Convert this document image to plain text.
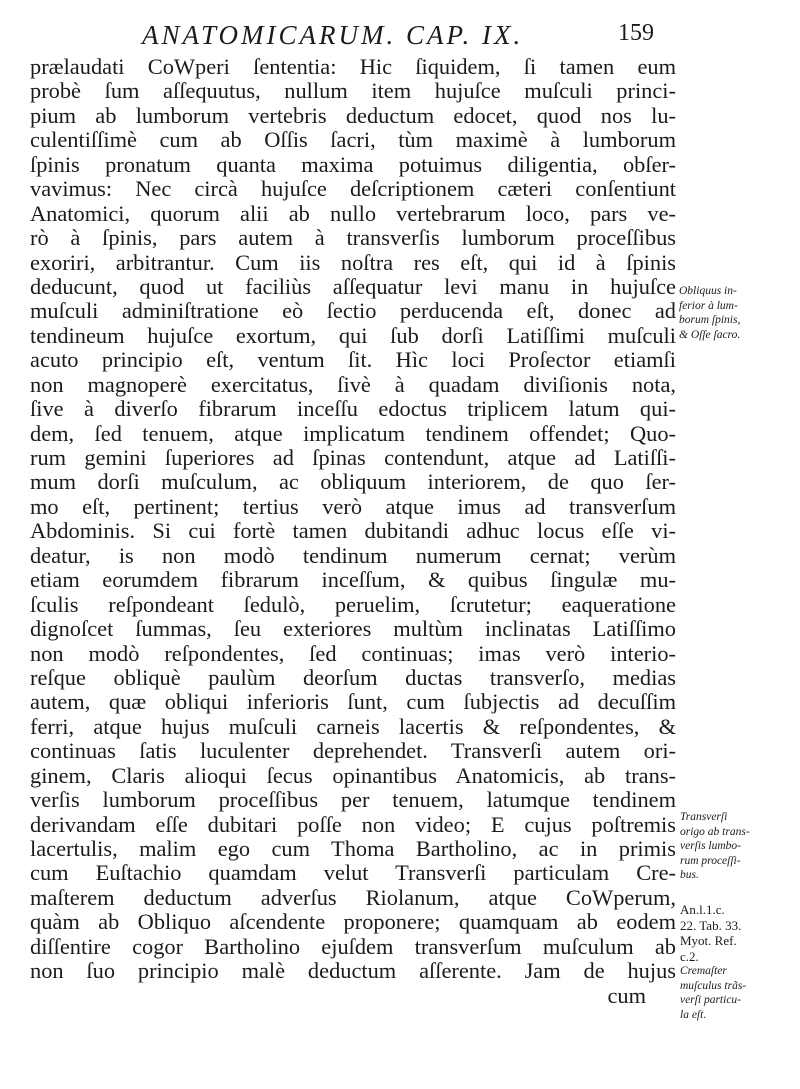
ANATOMICARUM. CAP. IX.	159
prælaudati CoWperi ſententia: Hic ſiquidem, ſi tamen eum
probè ſum aſſequutus, nullum item hujuſce muſculi princi-
pium ab lumborum vertebris deductum edocet, quod nos lu-
culentiſſimè cum ab Oſſis ſacri, tùm maximè à lumborum
ſpinis pronatum quanta maxima potuimus diligentia, obſer-
vavimus: Nec circà hujuſce deſcriptionem cæteri conſentiunt
Anatomici, quorum alii ab nullo vertebrarum loco, pars ve-
rò à ſpinis, pars autem à transverſis lumborum proceſſibus
exoriri, arbitrantur. Cum iis noſtra res eſt, qui id à ſpinis
deducunt, quod ut faciliùs aſſequatur levi manu in hujuſce
muſculi adminiſtratione eò ſectio perducenda eſt, donec ad
tendineum hujuſce exortum, qui ſub dorſi Latiſſimi muſculi
acuto principio eſt, ventum ſit. Hìc loci Proſector etiamſi
non magnoperè exercitatus, ſivè à quadam diviſionis nota,
ſive à diverſo fibrarum inceſſu edoctus triplicem latum qui-
dem, ſed tenuem, atque implicatum tendinem offendet; Quo-
rum gemini ſuperiores ad ſpinas contendunt, atque ad Latiſſi-
mum dorſi muſculum, ac obliquum interiorem, de quo ſer-
mo eſt, pertinent; tertius verò atque imus ad transverſum
Abdominis. Si cui fortè tamen dubitandi adhuc locus eſſe vi-
deatur, is non modò tendinum numerum cernat; verùm
etiam eorumdem fibrarum inceſſum, & quibus ſingulæ mu-
ſculis reſpondeant ſedulò, peruelim, ſcrutetur; eaqueratione
dignoſcet ſummas, ſeu exteriores multùm inclinatas Latiſſimo
non modò reſpondentes, ſed continuas; imas verò interio-
reſque obliquè paulùm deorſum ductas transverſo, medias
autem, quæ obliqui inferioris ſunt, cum ſubjectis ad decuſſim
ferri, atque hujus muſculi carneis lacertis & reſpondentes, &
continuas ſatis luculenter deprehendet. Transverſi autem ori-
ginem, Claris alioqui ſecus opinantibus Anatomicis, ab trans-
verſis lumborum proceſſibus per tenuem, latumque tendinem
derivandam eſſe dubitari poſſe non video; E cujus poſtremis
lacertulis, malim ego cum Thoma Bartholino, ac in primis
cum Euſtachio quamdam velut Transverſi particulam Cre-
maſterem deductum adverſus Riolanum, atque CoWperum,
quàm ab Obliquo aſcendente proponere; quamquam ab eodem
diſſentire cogor Bartholino ejuſdem transverſum muſculum ab
non ſuo principio malè deductum aſſerente. Jam de hujus
cum
Obliquus in-
ferior à lum-
borum ſpinis,
& Oſſe ſacro.
Transverſi
origo ab trans-
verſis lumbo-
rum proceſſi-
bus.
An.l.1.c.
22. Tab. 33.
Myot. Ref.
c.2.
Cremaſter
muſculus trãs-
verſi particu-
la eſt.
